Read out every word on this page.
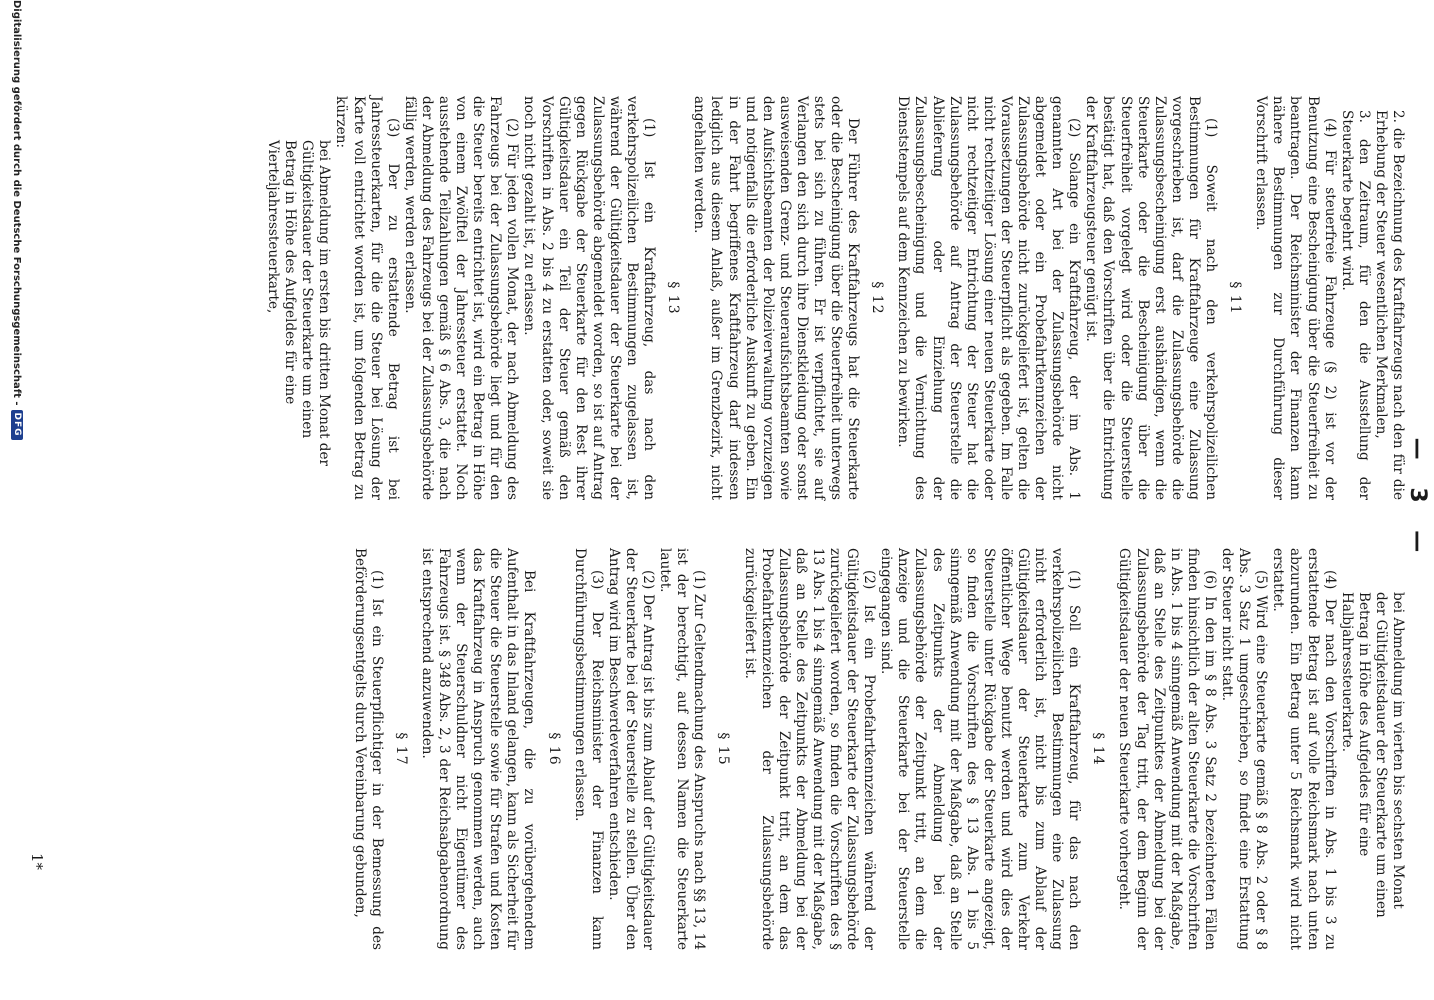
— 3 —

2. die Bezeichnung des Kraftfahrzeugs nach den für die Erhebung der Steuer wesentlichen Merkmalen,

3. den Zeitraum, für den die Ausstellung der Steuerkarte begehrt wird.

(4) Für steuerfreie Fahrzeuge (§ 2) ist vor der Benutzung eine Bescheinigung über die Steuerfreiheit zu beantragen. Der Reichsminister der Finanzen kann nähere Bestimmungen zur Durchführung dieser Vorschrift erlassen.

§ 11

(1) Soweit nach den verkehrspolizeilichen Bestimmungen für Kraftfahrzeuge eine Zulassung vorgeschrieben ist, darf die Zulassungsbehörde die Zulassungsbescheinigung erst aushändigen, wenn die Steuerkarte oder die Bescheinigung über die Steuerfreiheit vorgelegt wird oder die Steuerstelle bestätigt hat, daß den Vorschriften über die Entrichtung der Kraftfahrzeugsteuer genügt ist.

(2) Solange ein Kraftfahrzeug, der im Abs. 1 genannten Art bei der Zulassungsbehörde nicht abgemeldet oder ein Probefahrtkennzeichen der Zulassungsbehörde nicht zurückgeliefert ist, gelten die Voraussetzungen der Steuerpflicht als gegeben. Im Falle nicht rechtzeitiger Lösung einer neuen Steuerkarte oder nicht rechtzeitiger Entrichtung der Steuer hat die Zulassungsbehörde auf Antrag der Steuerstelle die Ablieferung oder Einziehung der Zulassungsbescheinigung und die Vernichtung des Dienststempels auf dem Kennzeichen zu bewirken.

§ 12

Der Führer des Kraftfahrzeugs hat die Steuerkarte oder die Bescheinigung über die Steuerfreiheit unterwegs stets bei sich zu führen. Er ist verpflichtet, sie auf Verlangen den sich durch ihre Dienstkleidung oder sonst ausweisenden Grenz- und Steueraufsichtsbeamten sowie den Aufsichtsbeamten der Polizeiverwaltung vorzuzeigen und notigenfalls die erforderliche Auskunft zu geben. Ein in der Fahrt begriffenes Kraftfahrzeug darf indessen lediglich aus diesem Anlaß, außer im Grenzbezirk, nicht angehalten werden.

§ 13

(1) Ist ein Kraftfahrzeug, das nach den verkehrspolizeilichen Bestimmungen zugelassen ist, während der Gültigkeitsdauer der Steuerkarte bei der Zulassungsbehörde abgemeldet worden, so ist auf Antrag gegen Rückgabe der Steuerkarte für den Rest ihrer Gültigkeitsdauer ein Teil der Steuer gemäß den Vorschriften in Abs. 2 bis 4 zu erstatten oder, soweit sie noch nicht gezahlt ist, zu erlassen.

(2) Für jeden vollen Monat, der nach Abmeldung des Fahrzeugs bei der Zulassungsbehörde liegt und für den die Steuer bereits entrichtet ist, wird ein Betrag in Höhe von einem Zwölftel der Jahressteuer erstattet. Noch ausstehende Teilzahlungen gemäß § 6 Abs. 3, die nach der Abmeldung des Fahrzeugs bei der Zulassungsbehörde fällig werden, werden erlassen.

(3) Der zu erstattende Betrag ist bei Jahressteuerkarten, für die die Steuer bei Lösung der Karte voll entrichtet worden ist, um folgenden Betrag zu kürzen:

bei Abmeldung im ersten bis dritten Monat der Gültigkeitsdauer der Steuerkarte um einen Betrag in Höhe des Aufgeldes für eine Vierteljahressteuerkarte,

bei Abmeldung im vierten bis sechsten Monat der Gültigkeitsdauer der Steuerkarte um einen Betrag in Höhe des Aufgeldes für eine Halbjahressteuerkarte.

(4) Der nach den Vorschriften in Abs. 1 bis 3 zu erstattende Betrag ist auf volle Reichsmark nach unten abzurunden. Ein Betrag unter 5 Reichsmark wird nicht erstattet.

(5) Wird eine Steuerkarte gemäß § 8 Abs. 2 oder § 8 Abs. 3 Satz 1 umgeschrieben, so findet eine Erstattung der Steuer nicht statt.

(6) In den im § 8 Abs. 3 Satz 2 bezeichneten Fällen finden hinsichtlich der alten Steuerkarte die Vorschriften in Abs. 1 bis 4 sinngemäß Anwendung mit der Maßgabe, daß an Stelle des Zeitpunktes der Abmeldung bei der Zulassungsbehörde der Tag tritt, der dem Beginn der Gültigkeitsdauer der neuen Steuerkarte vorhergeht.

§ 14

(1) Soll ein Kraftfahrzeug, für das nach den verkehrspolizeilichen Bestimmungen eine Zulassung nicht erforderlich ist, nicht bis zum Ablauf der Gültigkeitsdauer der Steuerkarte zum Verkehr öffentlicher Wege benutzt werden und wird dies der Steuerstelle unter Rückgabe der Steuerkarte angezeigt, so finden die Vorschriften des § 13 Abs. 1 bis 5 sinngemäß Anwendung mit der Maßgabe, daß an Stelle des Zeitpunkts der Abmeldung bei der Zulassungsbehörde der Zeitpunkt tritt, an dem die Anzeige und die Steuerkarte bei der Steuerstelle eingegangen sind.

(2) Ist ein Probefahrtkennzeichen während der Gültigkeitsdauer der Steuerkarte der Zulassungsbehörde zurückgeliefert worden, so finden die Vorschriften des § 13 Abs. 1 bis 4 sinngemäß Anwendung mit der Maßgabe, daß an Stelle des Zeitpunkts der Abmeldung bei der Zulassungsbehörde der Zeitpunkt tritt, an dem das Probefahrtkennzeichen der Zulassungsbehörde zurückgeliefert ist.

§ 15

(1) Zur Geltendmachung des Anspruchs nach §§ 13, 14 ist der berechtigt, auf dessen Namen die Steuerkarte lautet.

(2) Der Antrag ist bis zum Ablauf der Gültigkeitsdauer der Steuerkarte bei der Steuerstelle zu stellen. Über den Antrag wird im Beschwerdeverfahren entschieden.

(3) Der Reichsminister der Finanzen kann Durchführungsbestimmungen erlassen.

§ 16

Bei Kraftfahrzeugen, die zu vorübergehendem Aufenthalt in das Inland gelangen, kann als Sicherheit für die Steuer die Steuerstelle sowie für Strafen und Kosten das Kraftfahrzeug in Anspruch genommen werden, auch wenn der Steuerschuldner nicht Eigentümer des Fahrzeugs ist. § 348 Abs. 2, 3 der Reichsabgabenordnung ist entsprechend anzuwenden.

§ 17

(1) Ist ein Steuerpflichtiger in der Bemessung des Beförderungsentgelts durch Vereinbarung gebunden,

1*
Digitalisierung gefördert durch die Deutsche Forschungsgemeinschaft -
DFG
